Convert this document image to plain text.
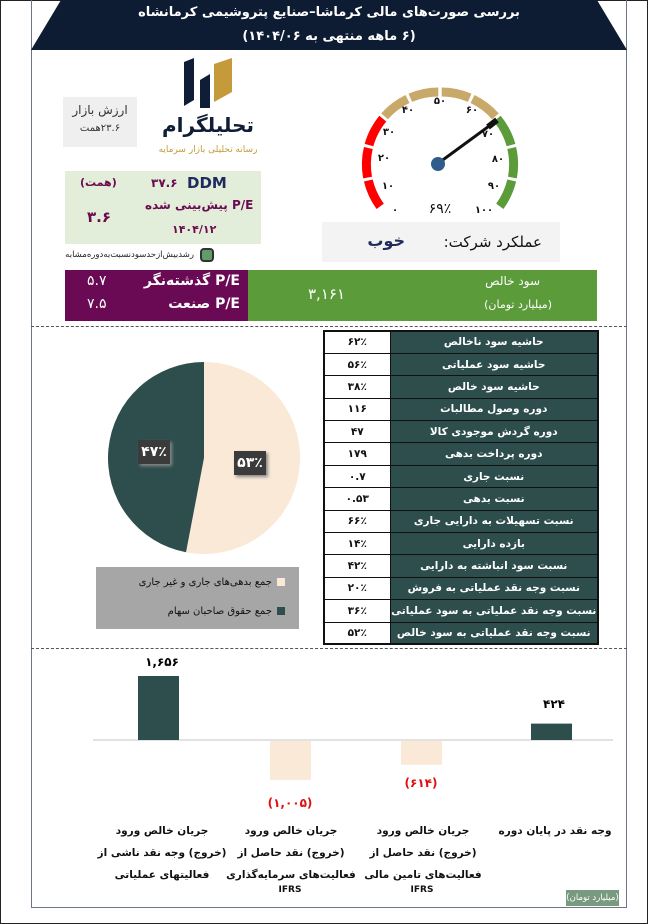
بررسی صورت‌های مالی کرماشا–صنایع پتروشیمی کرمانشاه
(۶ ماهه منتهی به ۱۴۰۴/۰۶)
ارزش بازار
۲۳.۶همت	تحلیلگرام
رسانه تحلیلی بازار سرمایه
DDM
۳۷.۶
(همت)
P/E پیش‌بینی شده
۳.۶
۱۴۰۴/۱۲
رشدبیش‌ازحدسودنسبت‌به‌دوره‌مشابه
۰
۱۰
۲۰
۳۰
۴۰
۵۰
۶۰
۷۰
۸۰
۹۰
۱۰۰
۶۹٪
عملکرد شرکت:
خوب
P/E گذشته‌نگر
۵.۷
P/E صنعت
۷.۵
۳,۱۶۱
سود خالص
(میلیارد تومان)
۶۲٪	حاشیه سود ناخالص
۵۶٪	حاشیه سود عملیاتی
۳۸٪	حاشیه سود خالص
۱۱۶	دوره وصول مطالبات
۴۷	دوره گردش موجودی کالا
۱۷۹	دوره پرداخت بدهی
۰.۷	نسبت جاری
۰.۵۳	نسبت بدهی
۶۶٪	نسبت تسهیلات به دارایی جاری
۱۴٪	بازده دارایی
۴۲٪	نسبت سود انباشته به دارایی
۲۰٪	نسبت وجه نقد عملیاتی به فروش
۳۶٪	نسبت وجه نقد عملیاتی به سود عملیاتی
۵۲٪	نسبت وجه نقد عملیاتی به سود خالص
۵۳٪
۴۷٪
جمع بدهی‌های جاری و غیر جاری
جمع حقوق صاحبان سهام
۱,۶۵۶
(۱,۰۰۵)
(۶۱۴)
۴۲۴
جریان خالص ورود
(خروج) وجه نقد ناشی از
فعالیتهای عملیاتی
جریان خالص ورود
(خروج) نقد حاصل از
فعالیت‌های سرمایه‌گذاری
جریان خالص ورود
(خروج) نقد حاصل از
فعالیت‌های تامین مالی
وجه نقد در پایان دوره
IFRS	IFRS
(میلیارد تومان)
